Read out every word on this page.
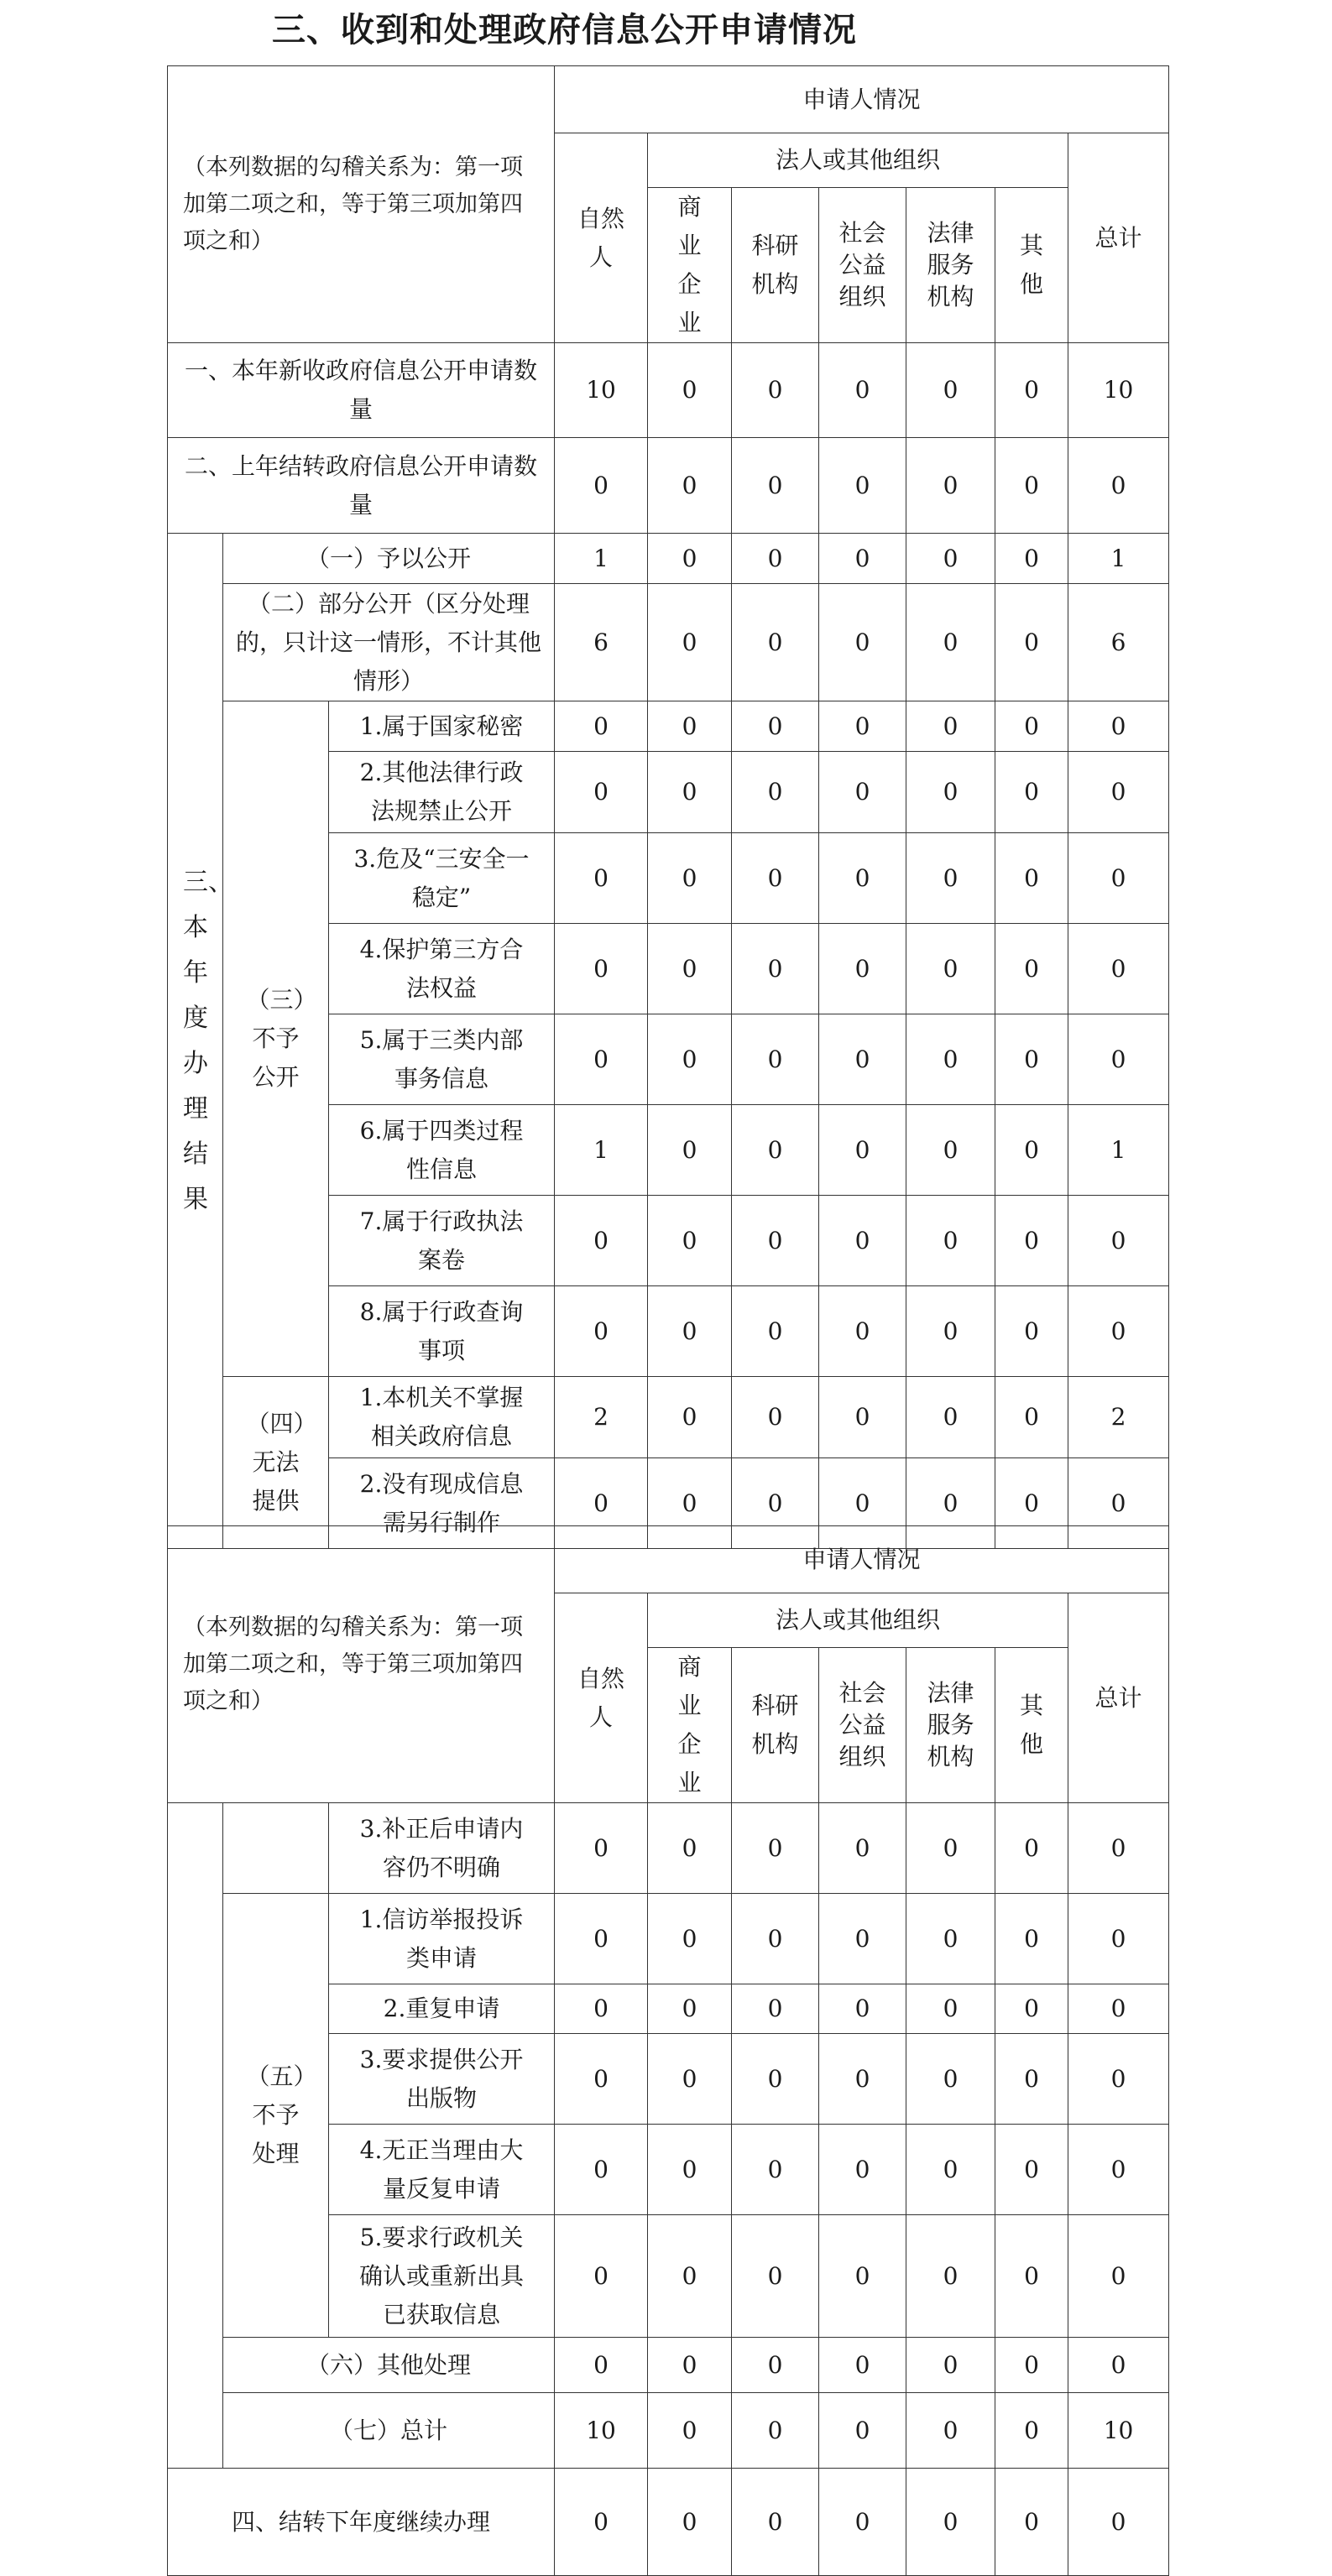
三、收到和处理政府信息公开申请情况
（本列数据的勾稽关系为：第一项加第二项之和，等于第三项加第四项之和）			申请人情况						
			自然人	法人或其他组织					总计
				商业企业	科研机构	社会公益组织	法律服务机构	其他	
一、本年新收政府信息公开申请数量			10	0	0	0	0	0	10
二、上年结转政府信息公开申请数量			0	0	0	0	0	0	0
三、本年度办理结果	（一）予以公开		1	0	0	0	0	0	1
	（二）部分公开（区分处理的，只计这一情形，不计其他情形）		6	0	0	0	0	0	6
	（三）不予公开	1.属于国家秘密	0	0	0	0	0	0	0
		2.其他法律行政法规禁止公开	0	0	0	0	0	0	0
		3.危及“三安全一稳定”	0	0	0	0	0	0	0
		4.保护第三方合法权益	0	0	0	0	0	0	0
		5.属于三类内部事务信息	0	0	0	0	0	0	0
		6.属于四类过程性信息	1	0	0	0	0	0	1
		7.属于行政执法案卷	0	0	0	0	0	0	0
		8.属于行政查询事项	0	0	0	0	0	0	0
	（四）无法提供	1.本机关不掌握相关政府信息	2	0	0	0	0	0	2
		2.没有现成信息需另行制作	0	0	0	0	0	0	0
（本列数据的勾稽关系为：第一项加第二项之和，等于第三项加第四项之和）			申请人情况						
			自然人	法人或其他组织					总计
				商业企业	科研机构	社会公益组织	法律服务机构	其他	
		3.补正后申请内容仍不明确	0	0	0	0	0	0	0
	（五）不予处理	1.信访举报投诉类申请	0	0	0	0	0	0	0
		2.重复申请	0	0	0	0	0	0	0
		3.要求提供公开出版物	0	0	0	0	0	0	0
		4.无正当理由大量反复申请	0	0	0	0	0	0	0
		5.要求行政机关确认或重新出具已获取信息	0	0	0	0	0	0	0
	（六）其他处理		0	0	0	0	0	0	0
	（七）总计		10	0	0	0	0	0	10
四、结转下年度继续办理			0	0	0	0	0	0	0
